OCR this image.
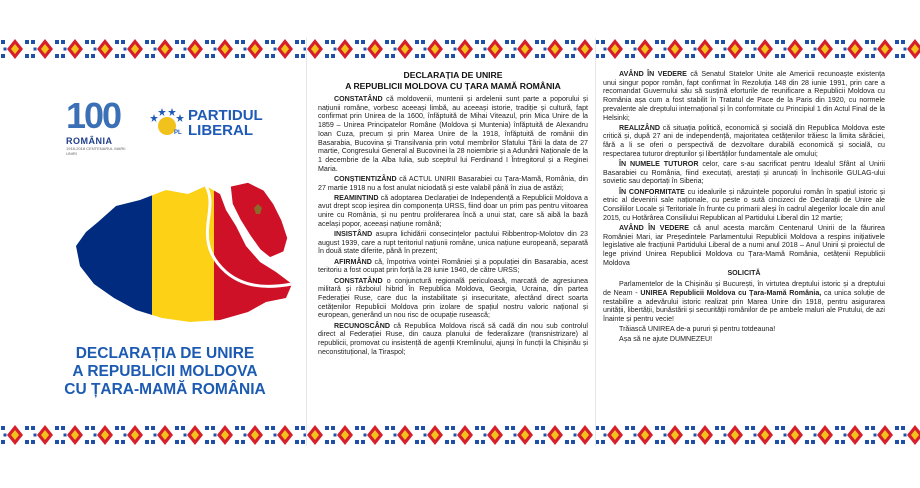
100
ROMÂNIA
1918-2018 CENTENARUL MARII UNIRI
PL
PARTIDUL
LIBERAL
DECLARAȚIA DE UNIRE
A REPUBLICII MOLDOVA
CU ȚARA-MAMĂ ROMÂNIA
DECLARAȚIA DE UNIRE
A REPUBLICII MOLDOVA CU ȚARA MAMĂ ROMÂNIA

CONSTATÂND că moldovenii, muntenii și ardelenii sunt parte a poporului și națiunii române, vorbesc aceeași limbă, au aceeași istorie, tradiție și cultură, fapt confirmat prin Unirea de la 1600, înfăptuită de Mihai Viteazul, prin Mica Unire de la 1859 – Unirea Principatelor Române (Moldova și Muntenia) înfăptuită de Alexandru Ioan Cuza, precum și prin Marea Unire de la 1918, înfăptuită de românii din Basarabia, Bucovina și Transilvania prin votul membrilor Sfatului Țării la data de 27 martie, Congresului General al Bucovinei la 28 noiembrie și a Adunării Naționale de la 1 decembrie de la Alba Iulia, sub sceptrul lui Ferdinand I Întregitorul și a Reginei Maria.

CONȘTIENTIZÂND că ACTUL UNIRII Basarabiei cu Țara-Mamă, România, din 27 martie 1918 nu a fost anulat niciodată și este valabil până în ziua de astăzi;

REAMINTIND că adoptarea Declarației de Independență a Republicii Moldova a avut drept scop ieșirea din componența URSS, fiind doar un prim pas pentru viitoarea unire cu România, și nu pentru proliferarea încă a unui stat, care să aibă la bază același popor, aceeași națiune română;

INSISTÂND asupra lichidării consecințelor pactului Ribbentrop-Molotov din 23 august 1939, care a rupt teritoriul națiunii române, unica națiune europeană, separată în două state diferite, până în prezent;

AFIRMÂND că, împotriva voinței României și a populației din Basarabia, acest teritoriu a fost ocupat prin forță la 28 iunie 1940, de către URSS;

CONSTATÂND o conjunctură regională periculoasă, marcată de agresiunea militară și războiul hibrid în Republica Moldova, Georgia, Ucraina, din partea Federației Ruse, care duc la instabilitate și insecuritate, afectând direct soarta cetățenilor Republicii Moldova prin izolare de spațiul nostru valoric național și european, generând un nou risc de ocupație rusească;

RECUNOSCÂND că Republica Moldova riscă să cadă din nou sub controlul direct al Federației Ruse, din cauza planului de federalizare (transnistrizare) al republicii, promovat cu insistență de agenții Kremlinului, ajunși în funcții la Chișinău și neconstituțional, la Tiraspol;

AVÂND ÎN VEDERE că Senatul Statelor Unite ale Americii recunoaște existența unui singur popor român, fapt confirmat în Rezoluția 148 din 28 iunie 1991, prin care a recomandat Guvernului său să susțină eforturile de reunificare a Republicii Moldova cu România așa cum a fost stabilit în Tratatul de Pace de la Paris din 1920, cu normele prevalente ale dreptului internațional și în conformitate cu Principiul 1 din Actul Final de la Helsinki;

REALIZÂND că situația politică, economică și socială din Republica Moldova este critică și, după 27 ani de independență, majoritatea cetățenilor trăiesc la limita sărăciei, fără a li se oferi o perspectivă de dezvoltare durabilă economică și socială, cu respectarea tuturor drepturilor și libertăților fundamentale ale omului;

ÎN NUMELE TUTUROR celor, care s-au sacrificat pentru Idealul Sfânt al Unirii Basarabiei cu România, fiind executați, arestați și aruncați în închisorile GULAG-ului sovietic sau deportați în Siberia;

ÎN CONFORMITATE cu idealurile și năzuințele poporului român în spațiul istoric și etnic al devenirii sale naționale, cu peste o sută cincizeci de Declarații de Unire ale Consiliilor Locale și Teritoriale în frunte cu primarii aleși în cadrul alegerilor locale din anul 2015, cu Hotărârea Consiliului Republican al Partidului Liberal din 12 martie;

AVÂND ÎN VEDERE că anul acesta marcăm Centenarul Unirii de la făurirea României Mari, iar Președintele Parlamentului Republicii Moldova a respins inițiativele legislative ale fracțiunii Partidului Liberal de a numi anul 2018 – Anul Unirii și proiectul de lege privind Unirea Republicii Moldova cu Țara-Mamă România, cetățenii Republicii Moldova

SOLICITĂ

Parlamentelor de la Chișinău și București, în virtutea dreptului istoric și a dreptului de Neam - UNIREA Republicii Moldova cu Țara-Mamă România, ca unica soluție de restabilire a adevărului istoric realizat prin Marea Unire din 1918, pentru asigurarea unității, libertății, bunăstării și securității românilor de pe ambele maluri ale Prutului, de azi înainte și pentru vecie!

Trăiască UNIREA de-a pururi și pentru totdeauna!

Așa să ne ajute DUMNEZEU!
